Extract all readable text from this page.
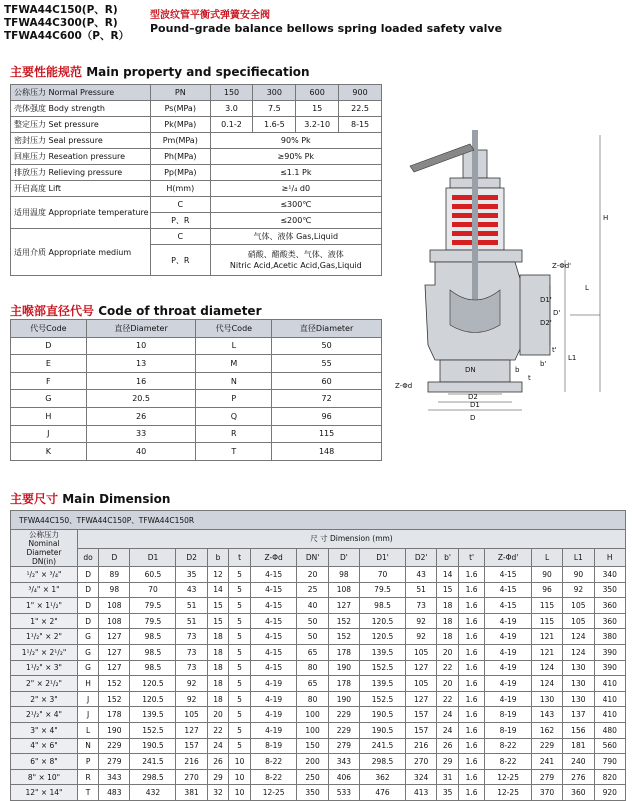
TFWA44C150(P、R)
TFWA44C300(P、R)
TFWA44C600（P、R）
型波纹管平衡式弹簧安全阀
Pound–grade balance bellows spring loaded safety valve
主要性能规范 Main property and specifiecation
公称压力 Normal Pressure	PN	150	300	600	900
壳体强度 Body strength	Ps(MPa)	3.0	7.5	15	22.5
整定压力 Set pressure	Pk(MPa)	0.1-2	1.6-5	3.2-10	8-15
密封压力 Seal pressure	Pm(MPa)	90% Pk			
回座压力 Reseation pressure	Ph(MPa)	≥90% Pk			
排放压力 Relieving pressure	Pp(MPa)	≤1.1 Pk			
开启高度 Lift	H(mm)	≥¹/₄ d0			
适用温度 Appropriate temperature	C	≤300℃			
	P、R	≤200℃			
适用介质 Appropriate medium	C	气体、液体 Gas,Liquid			
	P、R	硝酸、醋酸类、气体、液体
Nitric Acid,Acetic Acid,Gas,Liquid			
主喉部直径代号 Code of throat diameter
代号Code	直径Diameter	代号Code	直径Diameter
D	10	L	50
E	13	M	55
F	16	N	60
G	20.5	P	72
H	26	Q	96
J	33	R	115
K	40	T	148
主要尺寸 Main Dimension
TFWA44C150、TFWA44C150P、TFWA44C150R																	

公称压力
Nominal
Diameter
DN(in)	尺 寸 Dimension (mm)																
	do	D	D1	D2	b	t	Z-Φd	DN'	D'	D1'	D2'	b'	t'	Z-Φd'	L	L1	H
¹/₂" × ³/₄"	D	89	60.5	35	12	5	4-15	20	98	70	43	14	1.6	4-15	90	90	340
³/₄" × 1"	D	98	70	43	14	5	4-15	25	108	79.5	51	15	1.6	4-15	96	92	350
1" × 1¹/₂"	D	108	79.5	51	15	5	4-15	40	127	98.5	73	18	1.6	4-15	115	105	360
1" × 2"	D	108	79.5	51	15	5	4-15	50	152	120.5	92	18	1.6	4-19	115	105	360
1¹/₂" × 2"	G	127	98.5	73	18	5	4-15	50	152	120.5	92	18	1.6	4-19	121	124	380
1¹/₂" × 2¹/₂"	G	127	98.5	73	18	5	4-15	65	178	139.5	105	20	1.6	4-19	121	124	390
1¹/₂" × 3"	G	127	98.5	73	18	5	4-15	80	190	152.5	127	22	1.6	4-19	124	130	390
2" × 2¹/₂"	H	152	120.5	92	18	5	4-19	65	178	139.5	105	20	1.6	4-19	124	130	410
2" × 3"	J	152	120.5	92	18	5	4-19	80	190	152.5	127	22	1.6	4-19	130	130	410
2¹/₂" × 4"	J	178	139.5	105	20	5	4-19	100	229	190.5	157	24	1.6	8-19	143	137	410
3" × 4"	L	190	152.5	127	22	5	4-19	100	229	190.5	157	24	1.6	8-19	162	156	480
4" × 6"	N	229	190.5	157	24	5	8-19	150	279	241.5	216	26	1.6	8-22	229	181	560
6" × 8"	P	279	241.5	216	26	10	8-22	200	343	298.5	270	29	1.6	8-22	241	240	790
8" × 10"	R	343	298.5	270	29	10	8-22	250	406	362	324	31	1.6	12-25	279	276	820
12" × 14"	T	483	432	381	32	10	12-25	350	533	476	413	35	1.6	12-25	370	360	920
H
L
L1
D
D1
D2
DN	b
t
D'
D1'
D2'
b'
t'
Z-Φd'
Z-Φd
